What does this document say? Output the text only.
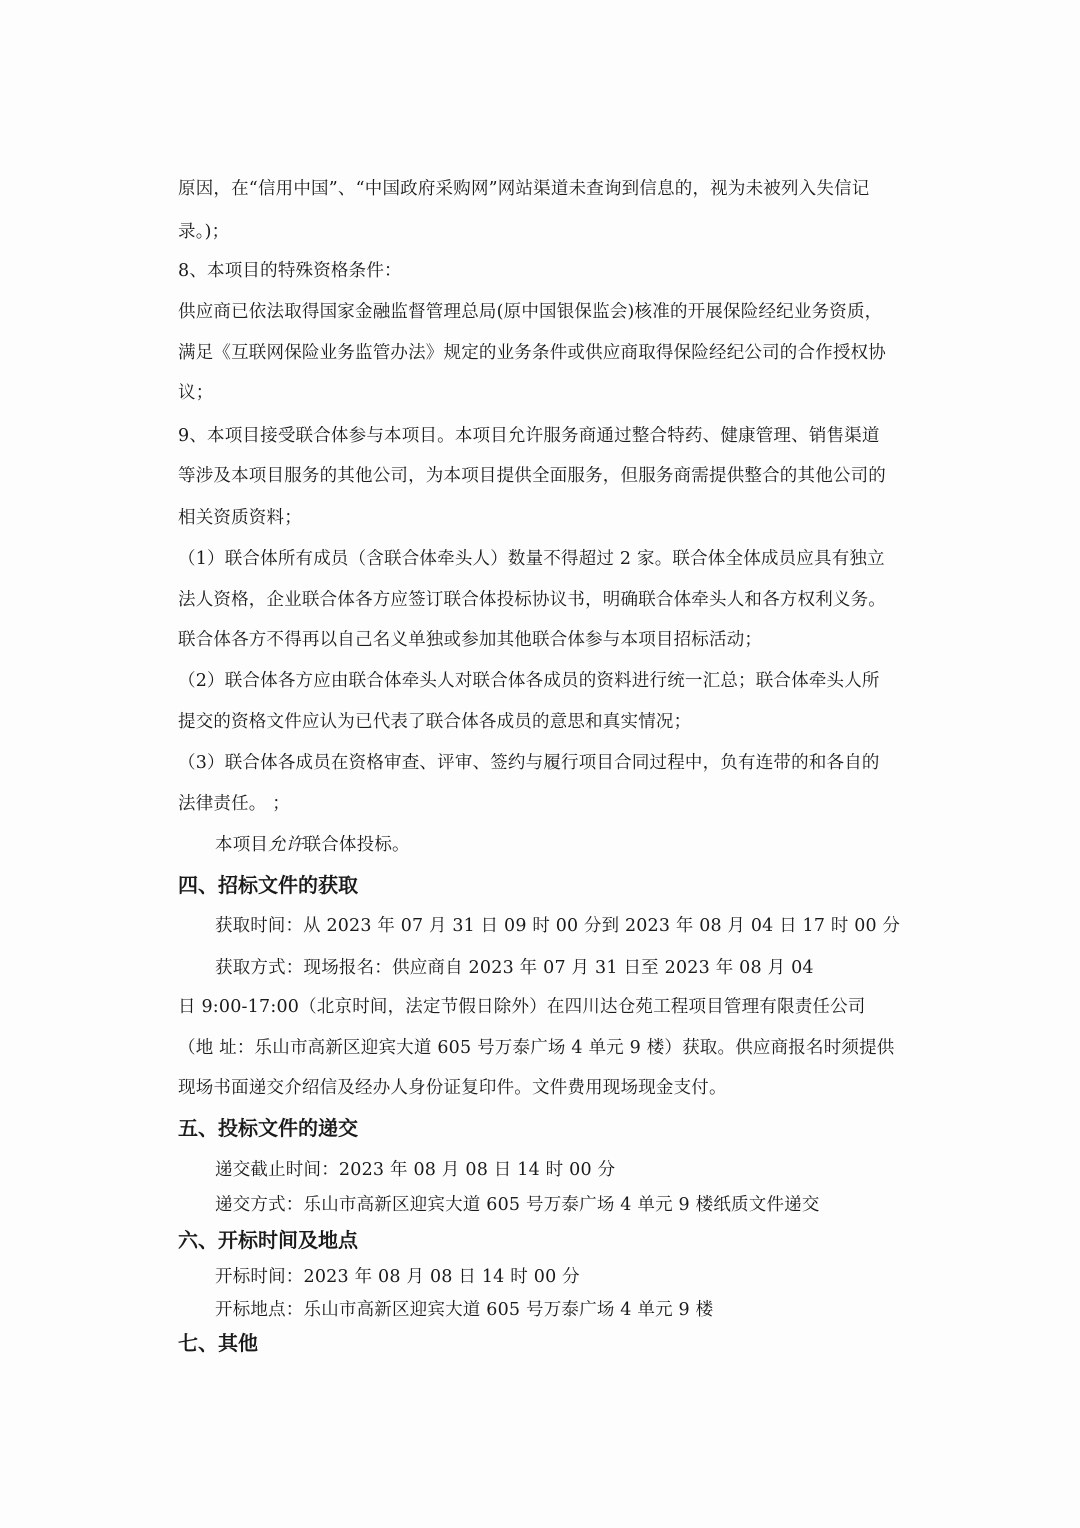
原因，在“信用中国”、“中国政府采购网”网站渠道未查询到信息的，视为未被列入失信记
录。)；
8、本项目的特殊资格条件：
供应商已依法取得国家金融监督管理总局(原中国银保监会)核准的开展保险经纪业务资质，
满足《互联网保险业务监管办法》规定的业务条件或供应商取得保险经纪公司的合作授权协
议；
9、本项目接受联合体参与本项目。本项目允许服务商通过整合特药、健康管理、销售渠道
等涉及本项目服务的其他公司，为本项目提供全面服务，但服务商需提供整合的其他公司的
相关资质资料；
（1）联合体所有成员（含联合体牵头人）数量不得超过 2 家。联合体全体成员应具有独立
法人资格，企业联合体各方应签订联合体投标协议书，明确联合体牵头人和各方权利义务。
联合体各方不得再以自己名义单独或参加其他联合体参与本项目招标活动；
（2）联合体各方应由联合体牵头人对联合体各成员的资料进行统一汇总；联合体牵头人所
提交的资格文件应认为已代表了联合体各成员的意思和真实情况；
（3）联合体各成员在资格审查、评审、签约与履行项目合同过程中，负有连带的和各自的
法律责任。 ；
本项目允许联合体投标。
四、招标文件的获取
获取时间：从 2023 年 07 月 31 日 09 时 00 分到 2023 年 08 月 04 日 17 时 00 分
获取方式：现场报名：供应商自 2023 年 07 月 31 日至 2023 年 08 月 04
日 9:00-17:00（北京时间，法定节假日除外）在四川达仓苑工程项目管理有限责任公司
（地 址：乐山市高新区迎宾大道 605 号万泰广场 4 单元 9 楼）获取。供应商报名时须提供
现场书面递交介绍信及经办人身份证复印件。文件费用现场现金支付。
五、投标文件的递交
递交截止时间：2023 年 08 月 08 日 14 时 00 分
递交方式：乐山市高新区迎宾大道 605 号万泰广场 4 单元 9 楼纸质文件递交
六、开标时间及地点
开标时间：2023 年 08 月 08 日 14 时 00 分
开标地点：乐山市高新区迎宾大道 605 号万泰广场 4 单元 9 楼
七、其他
